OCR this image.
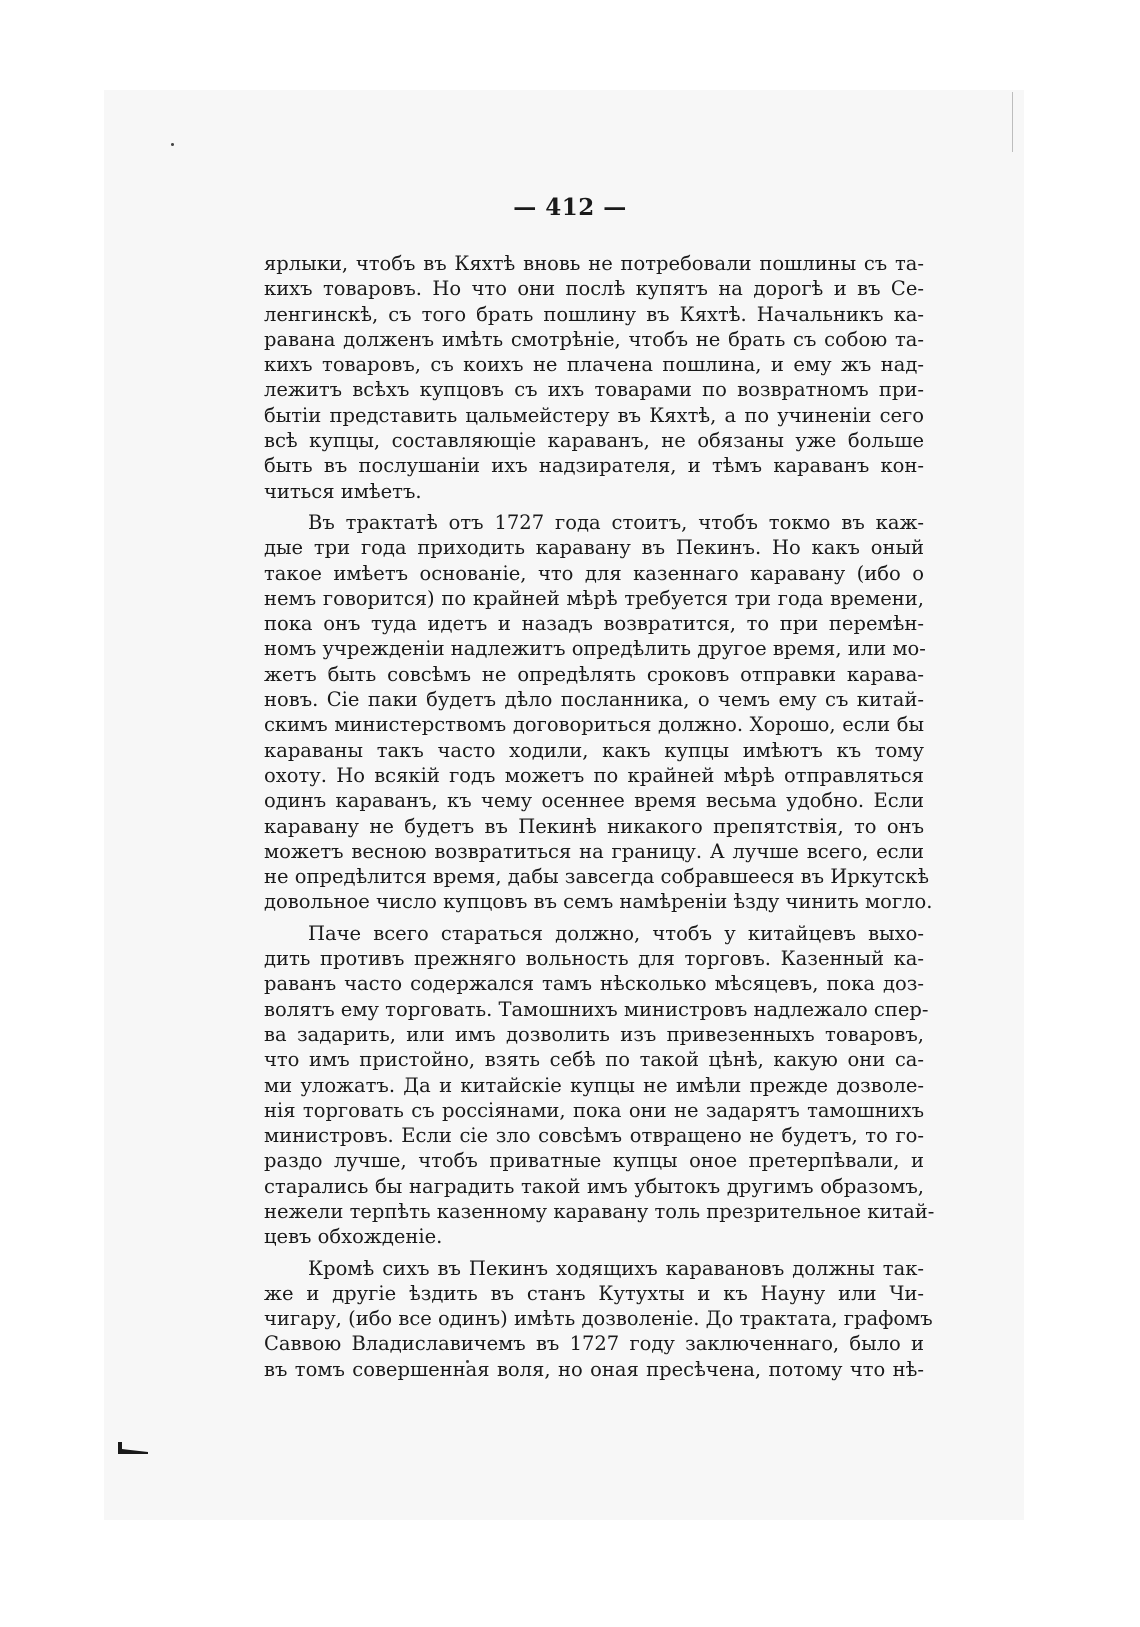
— 412 —
ярлыки, чтобъ въ Кяхтѣ вновь не потребовали пошлины съ та-
кихъ товаровъ. Но что они послѣ купятъ на дорогѣ и въ Се-
ленгинскѣ, съ того брать пошлину въ Кяхтѣ. Начальникъ ка-
равана долженъ имѣть смотрѣніе, чтобъ не брать съ собою та-
кихъ товаровъ, съ коихъ не плачена пошлина, и ему жъ над-
лежитъ всѣхъ купцовъ съ ихъ товарами по возвратномъ при-
бытіи представить цальмейстеру въ Кяхтѣ, а по учиненіи сего
всѣ купцы, составляющіе караванъ, не обязаны уже больше
быть въ послушаніи ихъ надзирателя, и тѣмъ караванъ кон-
читься имѣетъ.
Въ трактатѣ отъ 1727 года стоитъ, чтобъ токмо въ каж-
дые три года приходить каравану въ Пекинъ. Но какъ оный
такое имѣетъ основаніе, что для казеннаго каравану (ибо о
немъ говорится) по крайней мѣрѣ требуется три года времени,
пока онъ туда идетъ и назадъ возвратится, то при перемѣн-
номъ учрежденіи надлежитъ опредѣлить другое время, или мо-
жетъ быть совсѣмъ не опредѣлять сроковъ отправки карава-
новъ. Сіе паки будетъ дѣло посланника, о чемъ ему съ китай-
скимъ министерствомъ договориться должно. Хорошо, если бы
караваны такъ часто ходили, какъ купцы имѣютъ къ тому
охоту. Но всякій годъ можетъ по крайней мѣрѣ отправляться
одинъ караванъ, къ чему осеннее время весьма удобно. Если
каравану не будетъ въ Пекинѣ никакого препятствія, то онъ
можетъ весною возвратиться на границу. А лучше всего, если
не опредѣлится время, дабы завсегда собравшееся въ Иркутскѣ
довольное число купцовъ въ семъ намѣреніи ѣзду чинить могло.
Паче всего стараться должно, чтобъ у китайцевъ выхо-
дить противъ прежняго вольность для торговъ. Казенный ка-
раванъ часто содержался тамъ нѣсколько мѣсяцевъ, пока доз-
волятъ ему торговать. Тамошнихъ министровъ надлежало спер-
ва задарить, или имъ дозволить изъ привезенныхъ товаровъ,
что имъ пристойно, взять себѣ по такой цѣнѣ, какую они са-
ми уложатъ. Да и китайскіе купцы не имѣли прежде дозволе-
нія торговать съ россіянами, пока они не задарятъ тамошнихъ
министровъ. Если сіе зло совсѣмъ отвращено не будетъ, то го-
раздо лучше, чтобъ приватные купцы оное претерпѣвали, и
старались бы наградить такой имъ убытокъ другимъ образомъ,
нежели терпѣть казенному каравану толь презрительное китай-
цевъ обхожденіе.
Кромѣ сихъ въ Пекинъ ходящихъ каравановъ должны так-
же и другіе ѣздить въ станъ Кутухты и къ Науну или Чи-
чигару, (ибо все одинъ) имѣть дозволеніе. До трактата, графомъ
Саввою Владиславичемъ въ 1727 году заключеннаго, было и
въ томъ совершенная воля, но оная пресѣчена, потому что нѣ-
